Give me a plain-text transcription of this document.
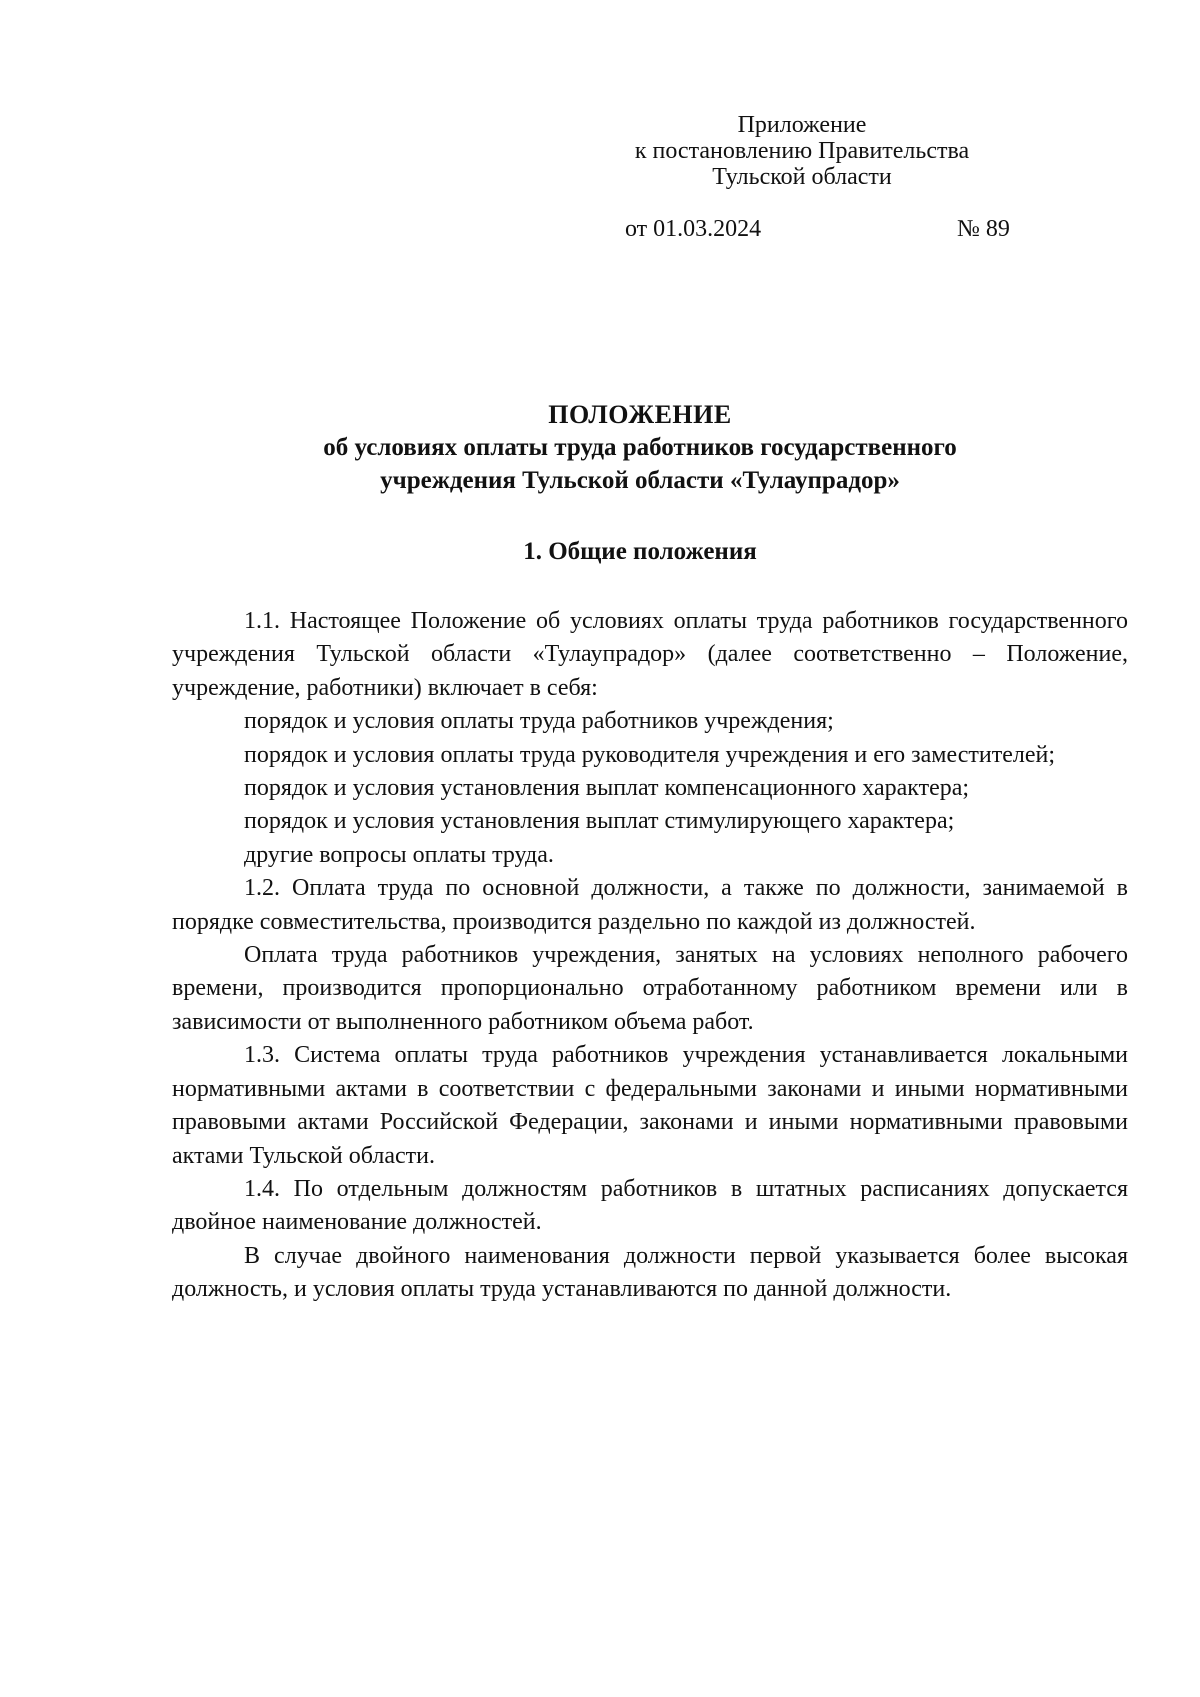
Приложение
к постановлению Правительства
Тульской области
от 01.03.2024	№ 89
ПОЛОЖЕНИЕ
об условиях оплаты труда работников государственного
учреждения Тульской области «Тулаупрадор»
1. Общие положения

1.1. Настоящее Положение об условиях оплаты труда работников государственного учреждения Тульской области «Тулаупрадор» (далее соответственно – Положение, учреждение, работники) включает в себя:

порядок и условия оплаты труда работников учреждения;

порядок и условия оплаты труда руководителя учреждения и его заместителей;

порядок и условия установления выплат компенсационного характера;

порядок и условия установления выплат стимулирующего характера;

другие вопросы оплаты труда.

1.2. Оплата труда по основной должности, а также по должности, занимаемой в порядке совместительства, производится раздельно по каждой из должностей.

Оплата труда работников учреждения, занятых на условиях неполного рабочего времени, производится пропорционально отработанному работником времени или в зависимости от выполненного работником объема работ.

1.3. Система оплаты труда работников учреждения устанавливается локальными нормативными актами в соответствии с федеральными законами и иными нормативными правовыми актами Российской Федерации, законами и иными нормативными правовыми актами Тульской области.

1.4. По отдельным должностям работников в штатных расписаниях допускается двойное наименование должностей.

В случае двойного наименования должности первой указывается более высокая должность, и условия оплаты труда устанавливаются по данной должности.
